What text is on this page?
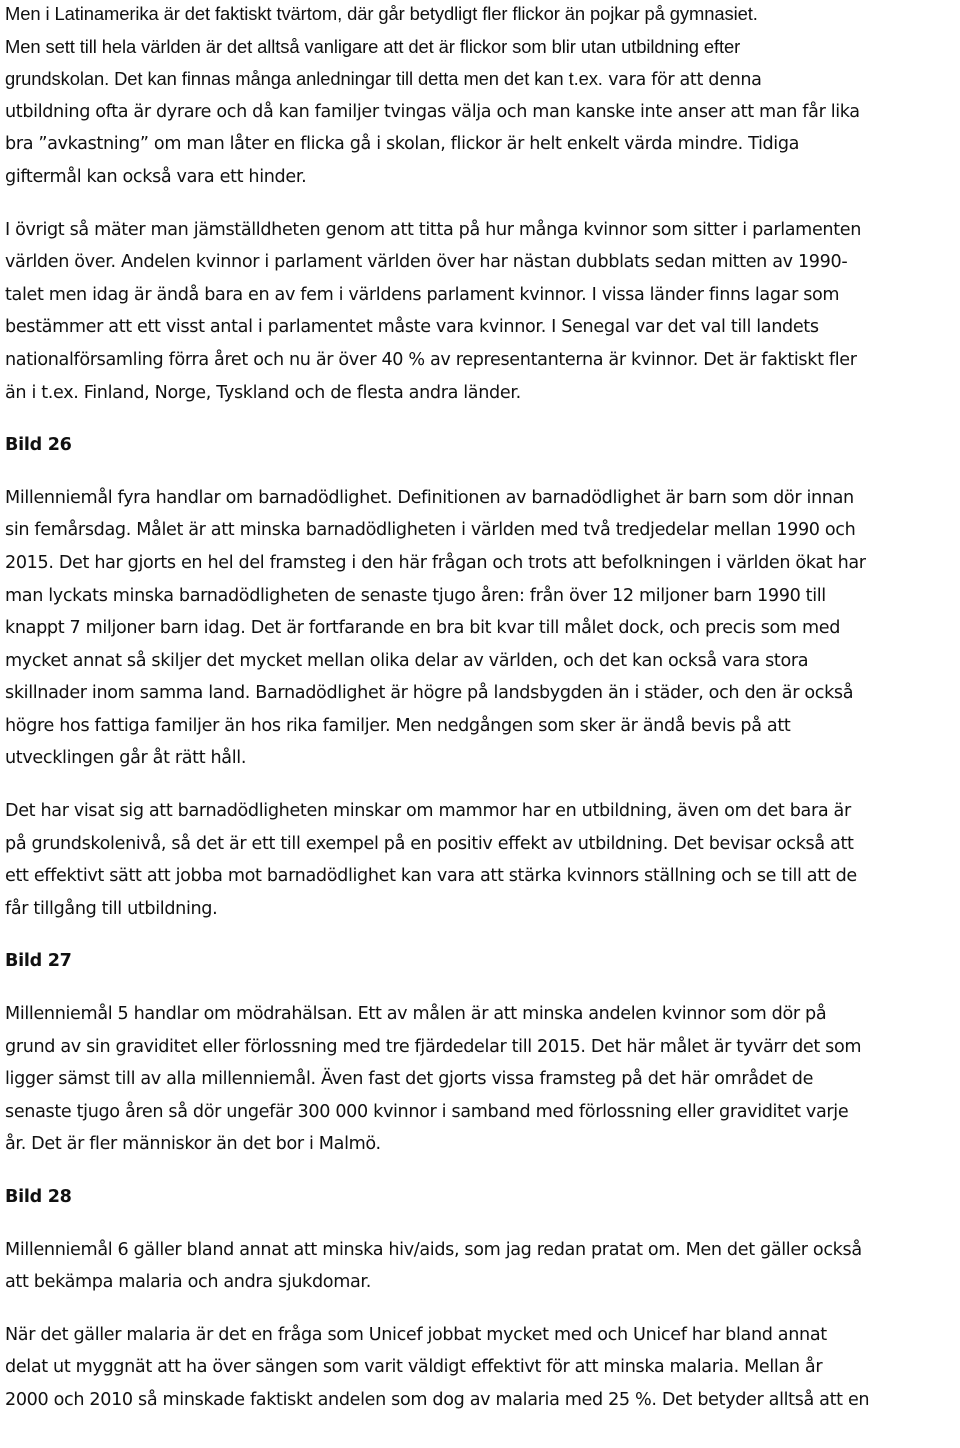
Men i Latinamerika är det faktiskt tvärtom, där går betydligt fler flickor än pojkar på gymnasiet.
Men sett till hela världen är det alltså vanligare att det är flickor som blir utan utbildning efter
grundskolan. Det kan finnas många anledningar till detta men det kan t.ex. vara för att denna
utbildning ofta är dyrare och då kan familjer tvingas välja och man kanske inte anser att man får lika
bra ”avkastning” om man låter en flicka gå i skolan, flickor är helt enkelt värda mindre. Tidiga
giftermål kan också vara ett hinder.
I övrigt så mäter man jämställdheten genom att titta på hur många kvinnor som sitter i parlamenten
världen över. Andelen kvinnor i parlament världen över har nästan dubblats sedan mitten av 1990-
talet men idag är ändå bara en av fem i världens parlament kvinnor. I vissa länder finns lagar som
bestämmer att ett visst antal i parlamentet måste vara kvinnor. I Senegal var det val till landets
nationalförsamling förra året och nu är över 40 % av representanterna är kvinnor. Det är faktiskt fler
än i t.ex. Finland, Norge, Tyskland och de flesta andra länder.
Bild 26
Millenniemål fyra handlar om barnadödlighet. Definitionen av barnadödlighet är barn som dör innan
sin femårsdag. Målet är att minska barnadödligheten i världen med två tredjedelar mellan 1990 och
2015. Det har gjorts en hel del framsteg i den här frågan och trots att befolkningen i världen ökat har
man lyckats minska barnadödligheten de senaste tjugo åren: från över 12 miljoner barn 1990 till
knappt 7 miljoner barn idag. Det är fortfarande en bra bit kvar till målet dock, och precis som med
mycket annat så skiljer det mycket mellan olika delar av världen, och det kan också vara stora
skillnader inom samma land. Barnadödlighet är högre på landsbygden än i städer, och den är också
högre hos fattiga familjer än hos rika familjer. Men nedgången som sker är ändå bevis på att
utvecklingen går åt rätt håll.
Det har visat sig att barnadödligheten minskar om mammor har en utbildning, även om det bara är
på grundskolenivå, så det är ett till exempel på en positiv effekt av utbildning. Det bevisar också att
ett effektivt sätt att jobba mot barnadödlighet kan vara att stärka kvinnors ställning och se till att de
får tillgång till utbildning.
Bild 27
Millenniemål 5 handlar om mödrahälsan. Ett av målen är att minska andelen kvinnor som dör på
grund av sin graviditet eller förlossning med tre fjärdedelar till 2015. Det här målet är tyvärr det som
ligger sämst till av alla millenniemål. Även fast det gjorts vissa framsteg på det här området de
senaste tjugo åren så dör ungefär 300 000 kvinnor i samband med förlossning eller graviditet varje
år. Det är fler människor än det bor i Malmö.
Bild 28
Millenniemål 6 gäller bland annat att minska hiv/aids, som jag redan pratat om. Men det gäller också
att bekämpa malaria och andra sjukdomar.
När det gäller malaria är det en fråga som Unicef jobbat mycket med och Unicef har bland annat
delat ut myggnät att ha över sängen som varit väldigt effektivt för att minska malaria. Mellan år
2000 och 2010 så minskade faktiskt andelen som dog av malaria med 25 %. Det betyder alltså att en
